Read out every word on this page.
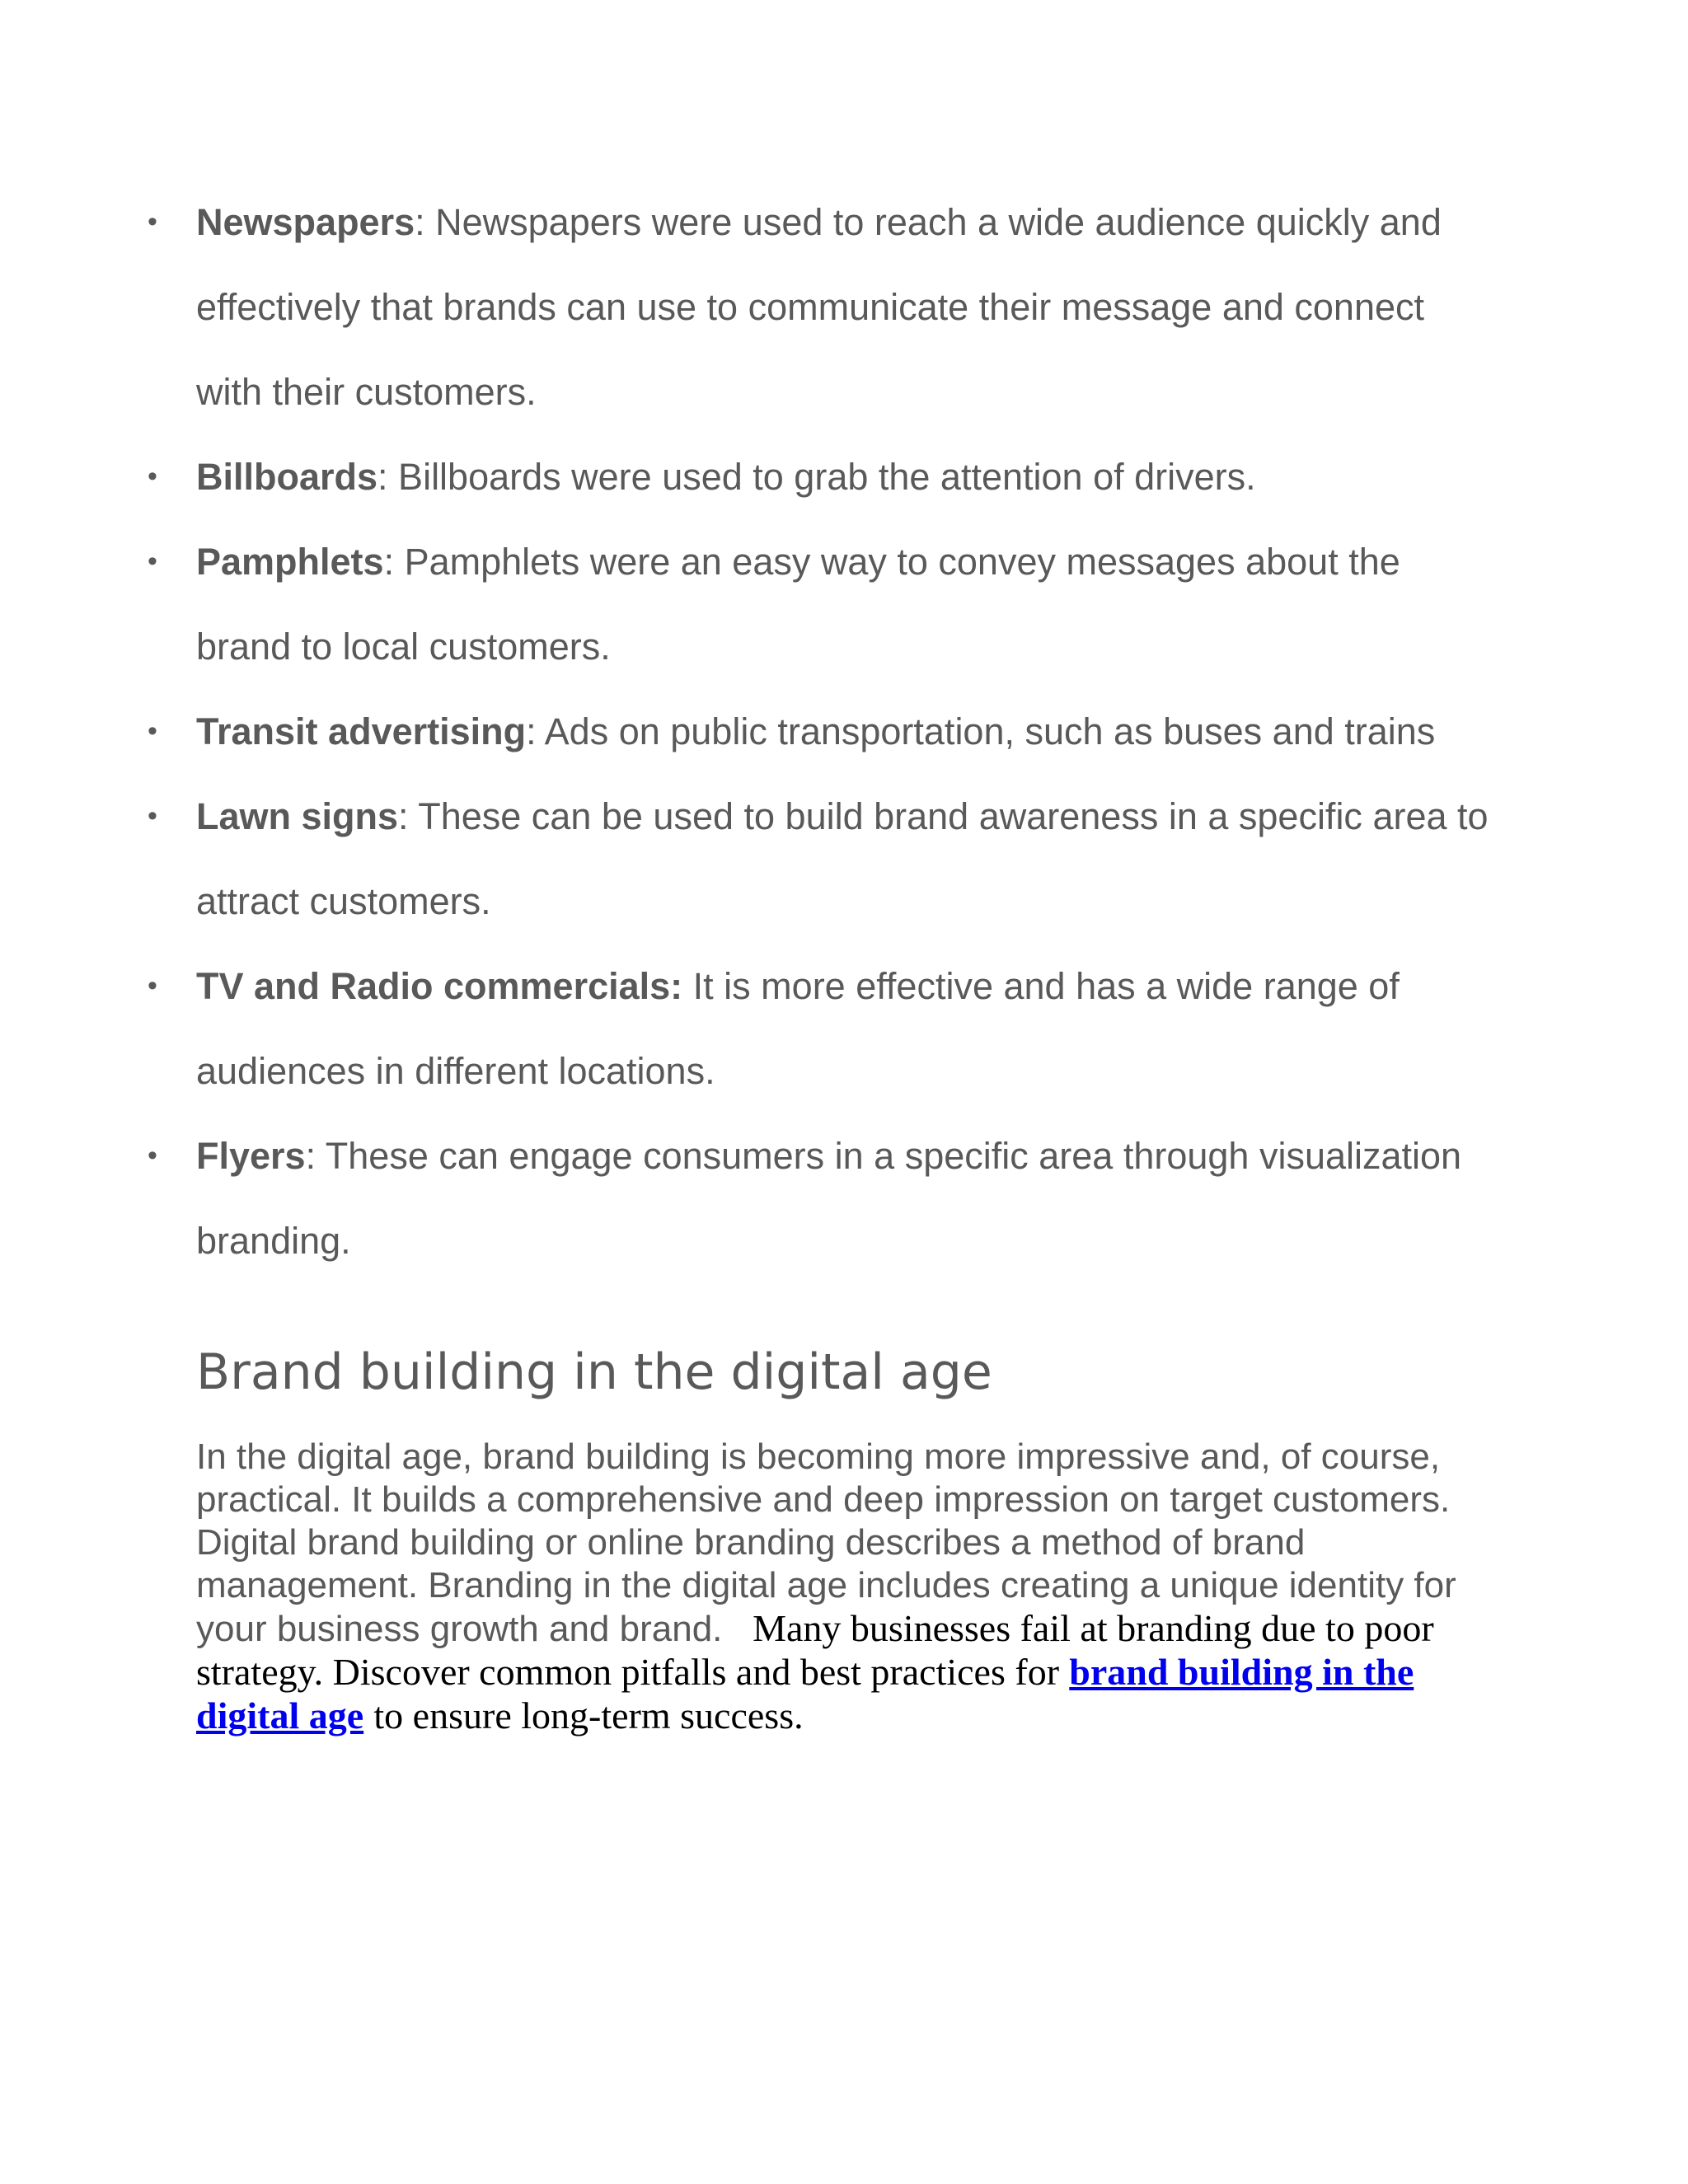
• Newspapers: Newspapers were used to reach a wide audience quickly and effectively that brands can use to communicate their message and connect with their customers.
• Billboards: Billboards were used to grab the attention of drivers.
• Pamphlets: Pamphlets were an easy way to convey messages about the brand to local customers.
• Transit advertising: Ads on public transportation, such as buses and trains
• Lawn signs: These can be used to build brand awareness in a specific area to attract customers.
• TV and Radio commercials: It is more effective and has a wide range of audiences in different locations.
• Flyers: These can engage consumers in a specific area through visualization branding.
Brand building in the digital age

In the digital age, brand building is becoming more impressive and, of course, practical. It builds a comprehensive and deep impression on target customers. Digital brand building or online branding describes a method of brand management. Branding in the digital age includes creating a unique identity for your business growth and brand. Many businesses fail at branding due to poor strategy. Discover common pitfalls and best practices for brand building in the digital age to ensure long-term success.
